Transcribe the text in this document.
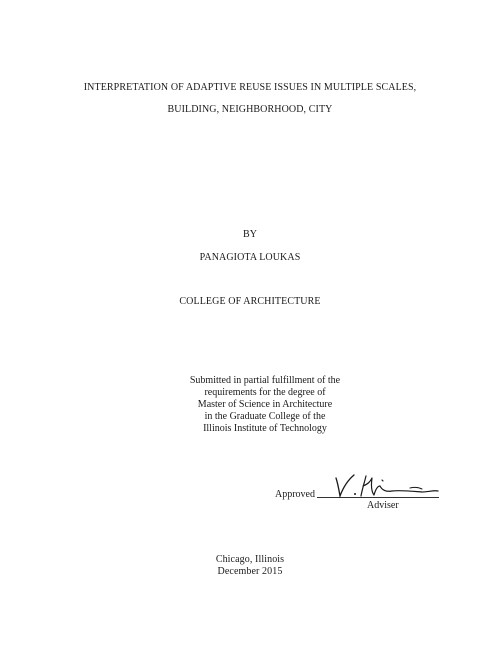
INTERPRETATION OF ADAPTIVE REUSE ISSUES IN MULTIPLE SCALES,
BUILDING, NEIGHBORHOOD, CITY
BY
PANAGIOTA LOUKAS
COLLEGE OF ARCHITECTURE
Submitted in partial fulfillment of the
requirements for the degree of
Master of Science in Architecture
in the Graduate College of the
Illinois Institute of Technology
Approved
Adviser
Chicago, Illinois
December 2015
